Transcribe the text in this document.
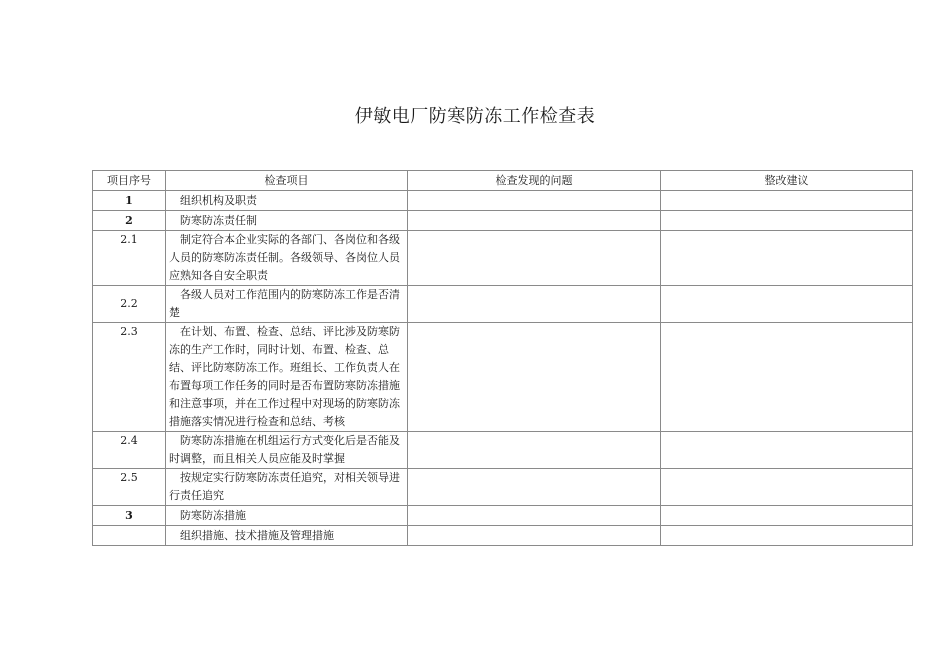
伊敏电厂防寒防冻工作检查表
项目序号	检查项目	检查发现的问题	整改建议
1	组织机构及职责		
2	防寒防冻责任制		
2.1	制定符合本企业实际的各部门、各岗位和各级人员的防寒防冻责任制。各级领导、各岗位人员应熟知各自安全职责		
2.2	各级人员对工作范围内的防寒防冻工作是否清楚		
2.3	在计划、布置、检查、总结、评比涉及防寒防冻的生产工作时，同时计划、布置、检查、总结、评比防寒防冻工作。班组长、工作负责人在布置每项工作任务的同时是否布置防寒防冻措施和注意事项，并在工作过程中对现场的防寒防冻措施落实情况进行检查和总结、考核		
2.4	防寒防冻措施在机组运行方式变化后是否能及时调整，而且相关人员应能及时掌握		
2.5	按规定实行防寒防冻责任追究，对相关领导进行责任追究		
3	防寒防冻措施		
	组织措施、技术措施及管理措施		
